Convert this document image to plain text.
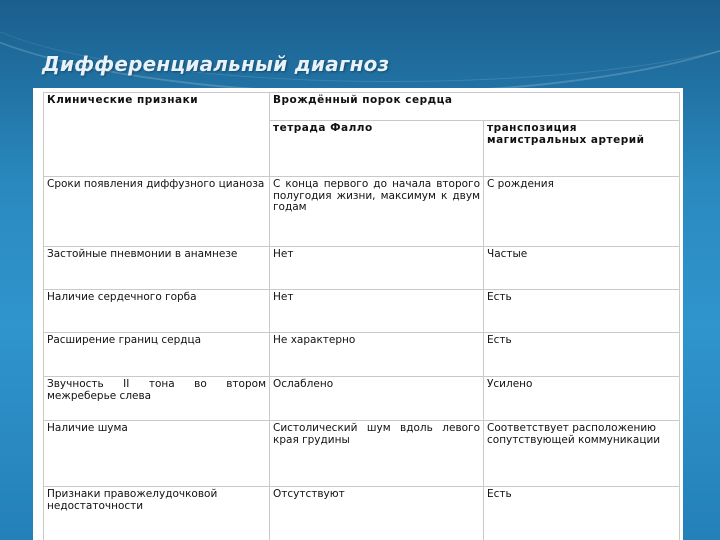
Дифференциальный диагноз
Клинические признаки	Врождённый порок сердца	
	тетрада Фалло	транспозиция магистральных артерий
Сроки появления диффузного цианоза	С конца первого до начала второго полугодия жизни, максимум к двум годам	С рождения
Застойные пневмонии в анамнезе	Нет	Частые
Наличие сердечного горба	Нет	Есть
Расширение границ сердца	Не характерно	Есть
Звучность II тона во втором межреберье слева	Ослаблено	Усилено
Наличие шума	Систолический шум вдоль левого края грудины	Соответствует расположению сопутствующей коммуникации
Признаки правожелудочковой недостаточности	Отсутствуют	Есть
